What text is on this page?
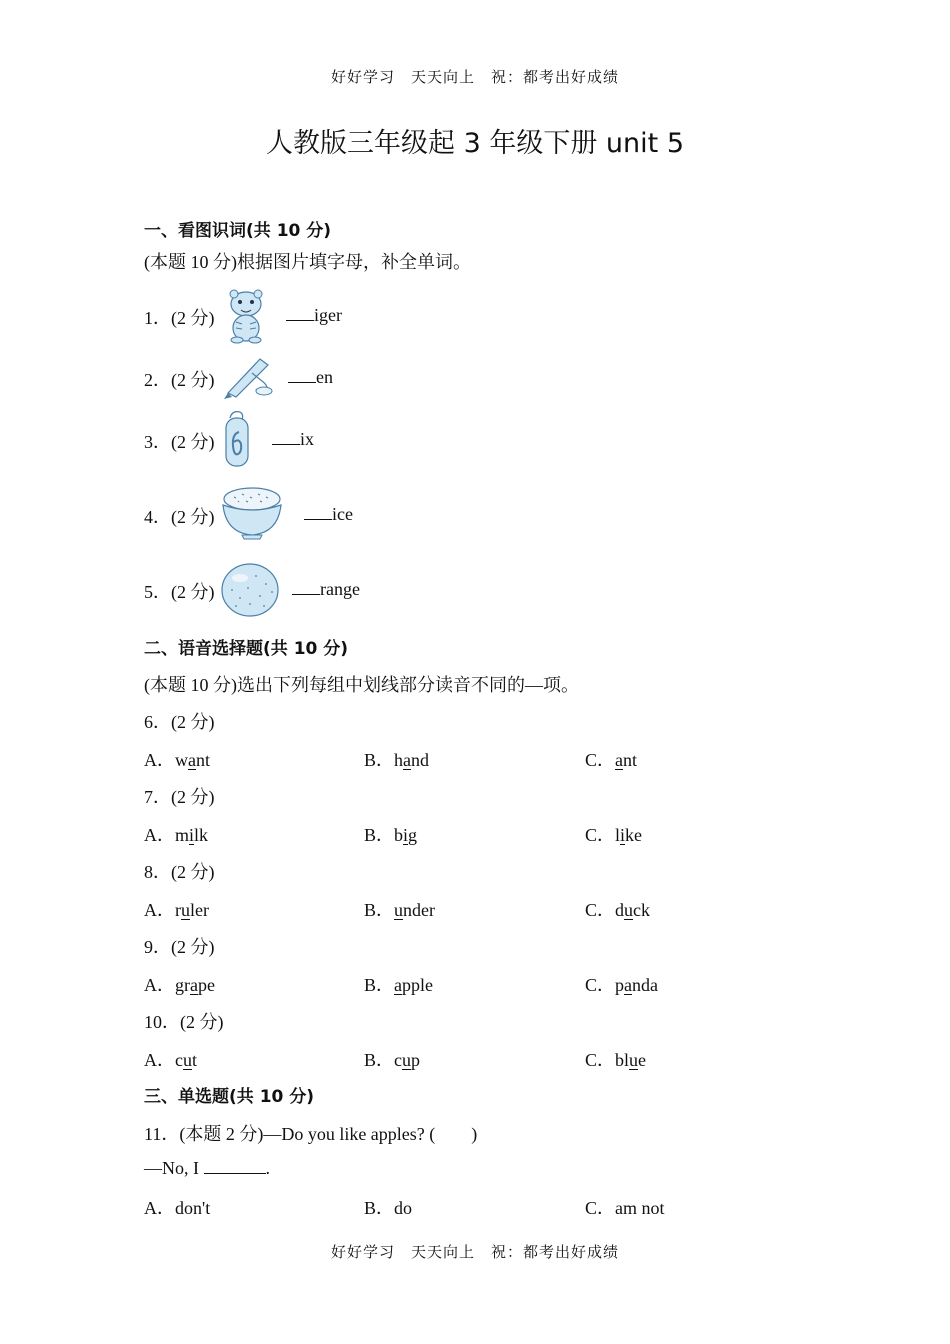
好好学习　天天向上　祝：都考出好成绩
人教版三年级起 3 年级下册 unit 5
一、看图识词(共 10 分)
(本题 10 分)根据图片填字母，补全单词。
1．(2 分)	iger
2．(2 分)	en
3．(2 分)	ix
4．(2 分)	ice
5．(2 分)	range
二、语音选择题(共 10 分)
(本题 10 分)选出下列每组中划线部分读音不同的—项。
6．(2 分)
A．want	B．hand	C．ant
7．(2 分)
A．milk	B．big	C．like
8．(2 分)
A．ruler	B．under	C．duck
9．(2 分)
A．grape	B．apple	C．panda
10．(2 分)
A．cut	B．cup	C．blue
三、单选题(共 10 分)
11．(本题 2 分)—Do you like apples? (　　)
—No, I	.
A．don't	B．do	C．am not
好好学习　天天向上　祝：都考出好成绩
